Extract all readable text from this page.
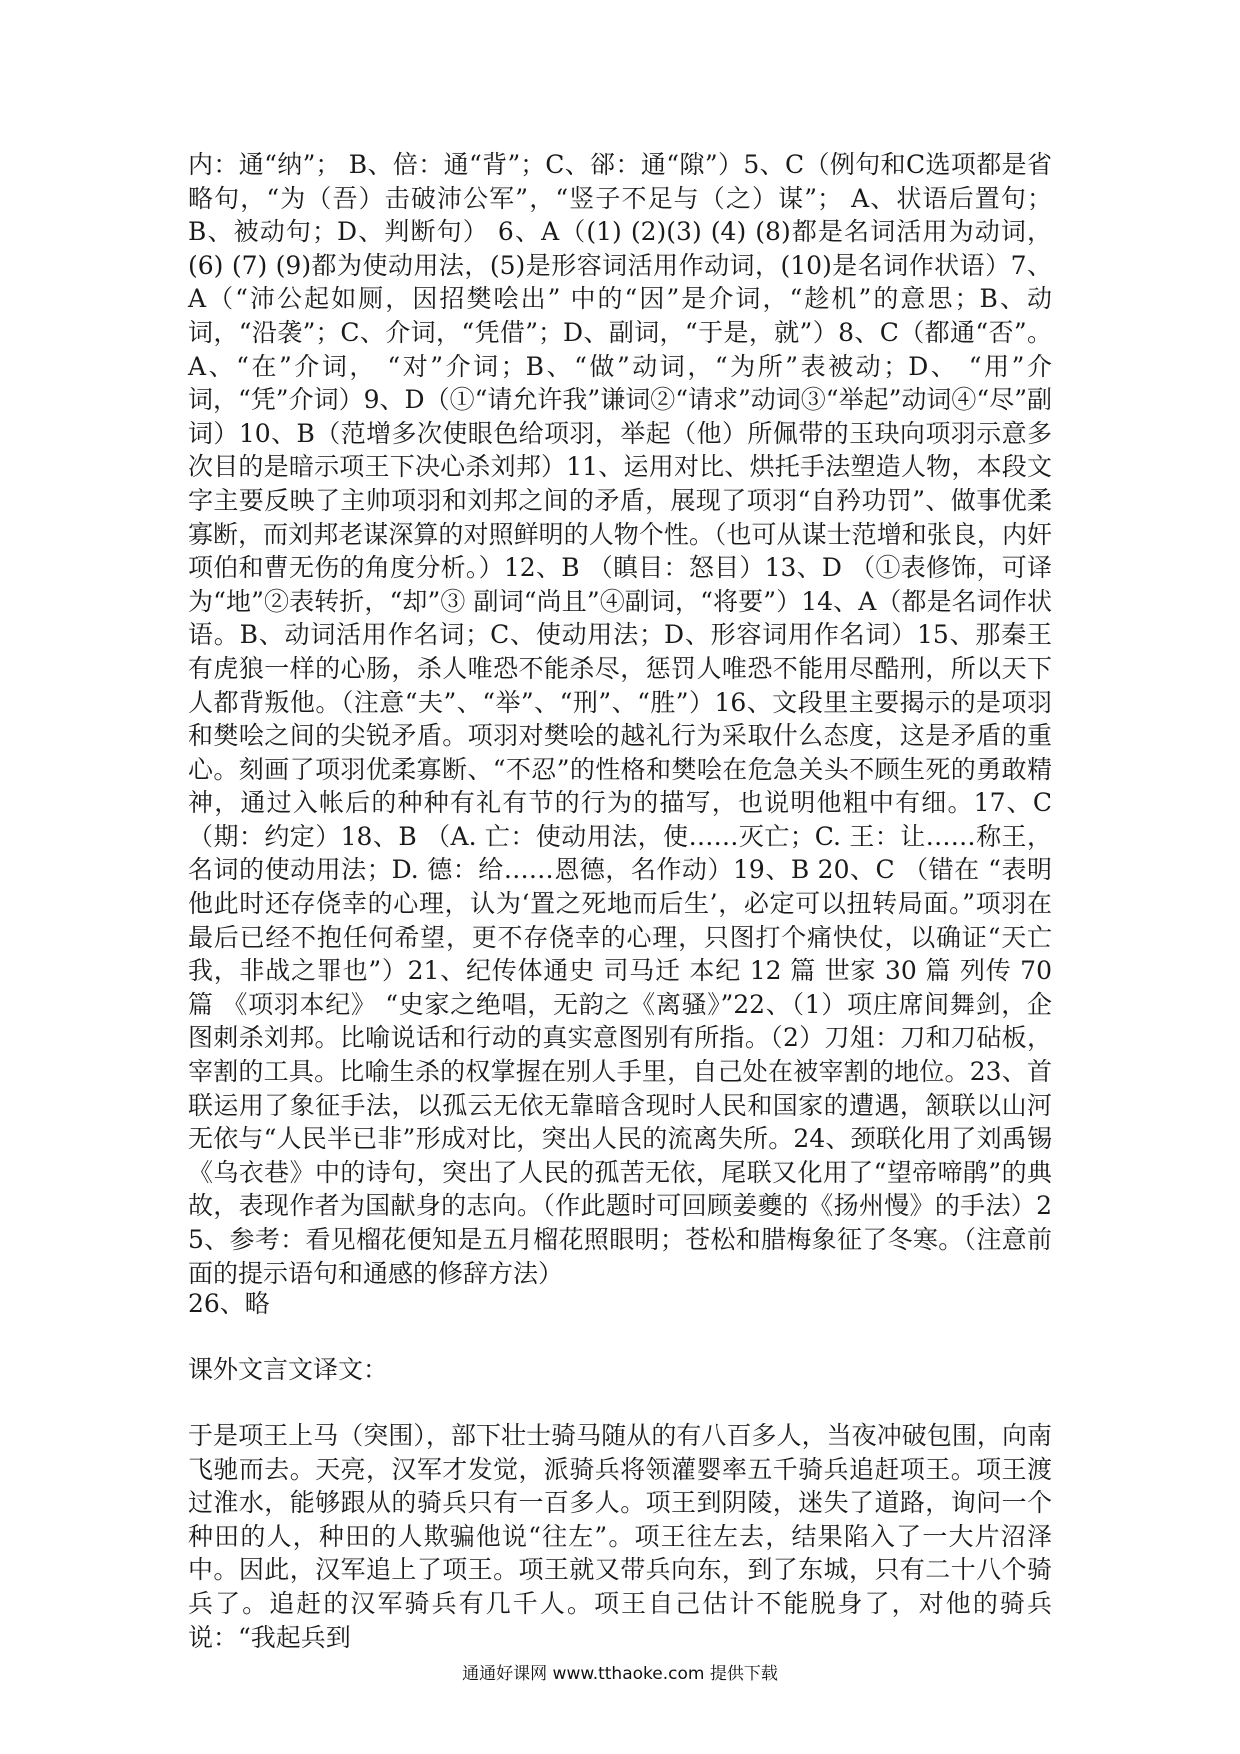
内：通“纳”； B、倍：通“背”；C、郤：通“隙”）5、C（例句和C选项都是省略句，“为（吾）击破沛公军”，“竖子不足与（之）谋”； A、状语后置句；B、被动句；D、判断句） 6、A（(1) (2)(3) (4) (8)都是名词活用为动词，(6) (7) (9)都为使动用法，(5)是形容词活用作动词，(10)是名词作状语）7、A（“沛公起如厕，因招樊哙出” 中的“因”是介词，“趁机”的意思；B、动词，“沿袭”；C、介词，“凭借”；D、副词，“于是，就”）8、C（都通“否”。A、“在”介词， “对”介词；B、“做”动词，“为所”表被动；D、 “用”介词，“凭”介词）9、D（①“请允许我”谦词②“请求”动词③“举起”动词④“尽”副词）10、B（范增多次使眼色给项羽，举起（他）所佩带的玉玦向项羽示意多次目的是暗示项王下决心杀刘邦）11、运用对比、烘托手法塑造人物，本段文字主要反映了主帅项羽和刘邦之间的矛盾，展现了项羽“自矜功罚”、做事优柔寡断，而刘邦老谋深算的对照鲜明的人物个性。（也可从谋士范增和张良，内奸项伯和曹无伤的角度分析。）12、B （瞋目：怒目）13、D （①表修饰，可译为“地”②表转折，“却”③ 副词“尚且”④副词，“将要”）14、A（都是名词作状语。B、动词活用作名词；C、使动用法；D、形容词用作名词）15、那秦王有虎狼一样的心肠，杀人唯恐不能杀尽，惩罚人唯恐不能用尽酷刑，所以天下人都背叛他。（注意“夫”、“举”、“刑”、“胜”）16、文段里主要揭示的是项羽和樊哙之间的尖锐矛盾。项羽对樊哙的越礼行为采取什么态度，这是矛盾的重心。刻画了项羽优柔寡断、“不忍”的性格和樊哙在危急关头不顾生死的勇敢精神，通过入帐后的种种有礼有节的行为的描写，也说明他粗中有细。17、C （期：约定）18、B （A. 亡：使动用法，使……灭亡；C. 王：让……称王，名词的使动用法；D. 德：给……恩德，名作动）19、B 20、C （错在 “表明他此时还存侥幸的心理，认为‘置之死地而后生’，必定可以扭转局面。”项羽在最后已经不抱任何希望，更不存侥幸的心理，只图打个痛快仗，以确证“天亡我，非战之罪也”）21、纪传体通史 司马迁 本纪 12 篇 世家 30 篇 列传 70 篇 《项羽本纪》 “史家之绝唱，无韵之《离骚》”22、（1）项庄席间舞剑，企图刺杀刘邦。比喻说话和行动的真实意图别有所指。（2）刀俎：刀和刀砧板，宰割的工具。比喻生杀的权掌握在别人手里，自己处在被宰割的地位。23、首联运用了象征手法，以孤云无依无靠暗含现时人民和国家的遭遇，颔联以山河无依与“人民半已非”形成对比，突出人民的流离失所。24、颈联化用了刘禹锡《乌衣巷》中的诗句，突出了人民的孤苦无依，尾联又化用了“望帝啼鹃”的典故，表现作者为国献身的志向。（作此题时可回顾姜夔的《扬州慢》的手法）25、参考：看见榴花便知是五月榴花照眼明；苍松和腊梅象征了冬寒。（注意前面的提示语句和通感的修辞方法）

26、略

课外文言文译文：

于是项王上马（突围），部下壮士骑马随从的有八百多人，当夜冲破包围，向南飞驰而去。天亮，汉军才发觉，派骑兵将领灌婴率五千骑兵追赶项王。项王渡过淮水，能够跟从的骑兵只有一百多人。项王到阴陵，迷失了道路，询问一个种田的人，种田的人欺骗他说“往左”。项王往左去，结果陷入了一大片沼泽中。因此，汉军追上了项王。项王就又带兵向东，到了东城，只有二十八个骑兵了。追赶的汉军骑兵有几千人。项王自己估计不能脱身了，对他的骑兵说：“我起兵到

通通好课网 www.tthaoke.com 提供下载
